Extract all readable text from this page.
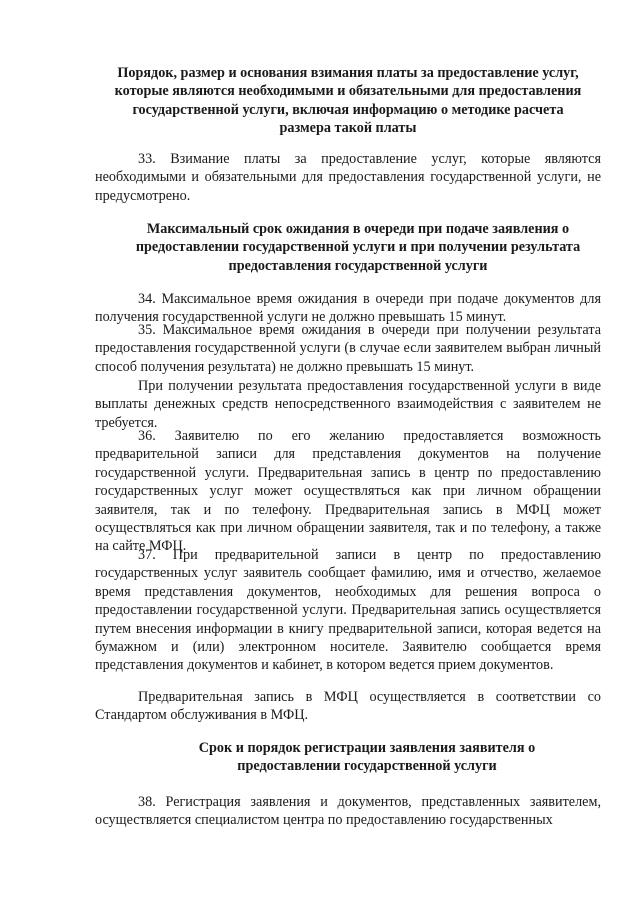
Порядок, размер и основания взимания платы за предоставление услуг, которые являются необходимыми и обязательными для предоставления государственной услуги, включая информацию о методике расчета размера такой платы
33. Взимание платы за предоставление услуг, которые являются необходимыми и обязательными для предоставления государственной услуги, не предусмотрено.
Максимальный срок ожидания в очереди при подаче заявления о предоставлении государственной услуги и при получении результата предоставления государственной услуги
34. Максимальное время ожидания в очереди при подаче документов для получения государственной услуги не должно превышать 15 минут.
35. Максимальное время ожидания в очереди при получении результата предоставления государственной услуги (в случае если заявителем выбран личный способ получения результата) не должно превышать 15 минут.
При получении результата предоставления государственной услуги в виде выплаты денежных средств непосредственного взаимодействия с заявителем не требуется.
36. Заявителю по его желанию предоставляется возможность предварительной записи для представления документов на получение государственной услуги. Предварительная запись в центр по предоставлению государственных услуг может осуществляться как при личном обращении заявителя, так и по телефону. Предварительная запись в МФЦ может осуществляться как при личном обращении заявителя, так и по телефону, а также на сайте МФЦ.
37. При предварительной записи в центр по предоставлению государственных услуг заявитель сообщает фамилию, имя и отчество, желаемое время представления документов, необходимых для решения вопроса о предоставлении государственной услуги. Предварительная запись осуществляется путем внесения информации в книгу предварительной записи, которая ведется на бумажном и (или) электронном носителе. Заявителю сообщается время представления документов и кабинет, в котором ведется прием документов.
Предварительная запись в МФЦ осуществляется в соответствии со Стандартом обслуживания в МФЦ.
Срок и порядок регистрации заявления заявителя о предоставлении государственной услуги
38. Регистрация заявления и документов, представленных заявителем, осуществляется специалистом центра по предоставлению государственных
